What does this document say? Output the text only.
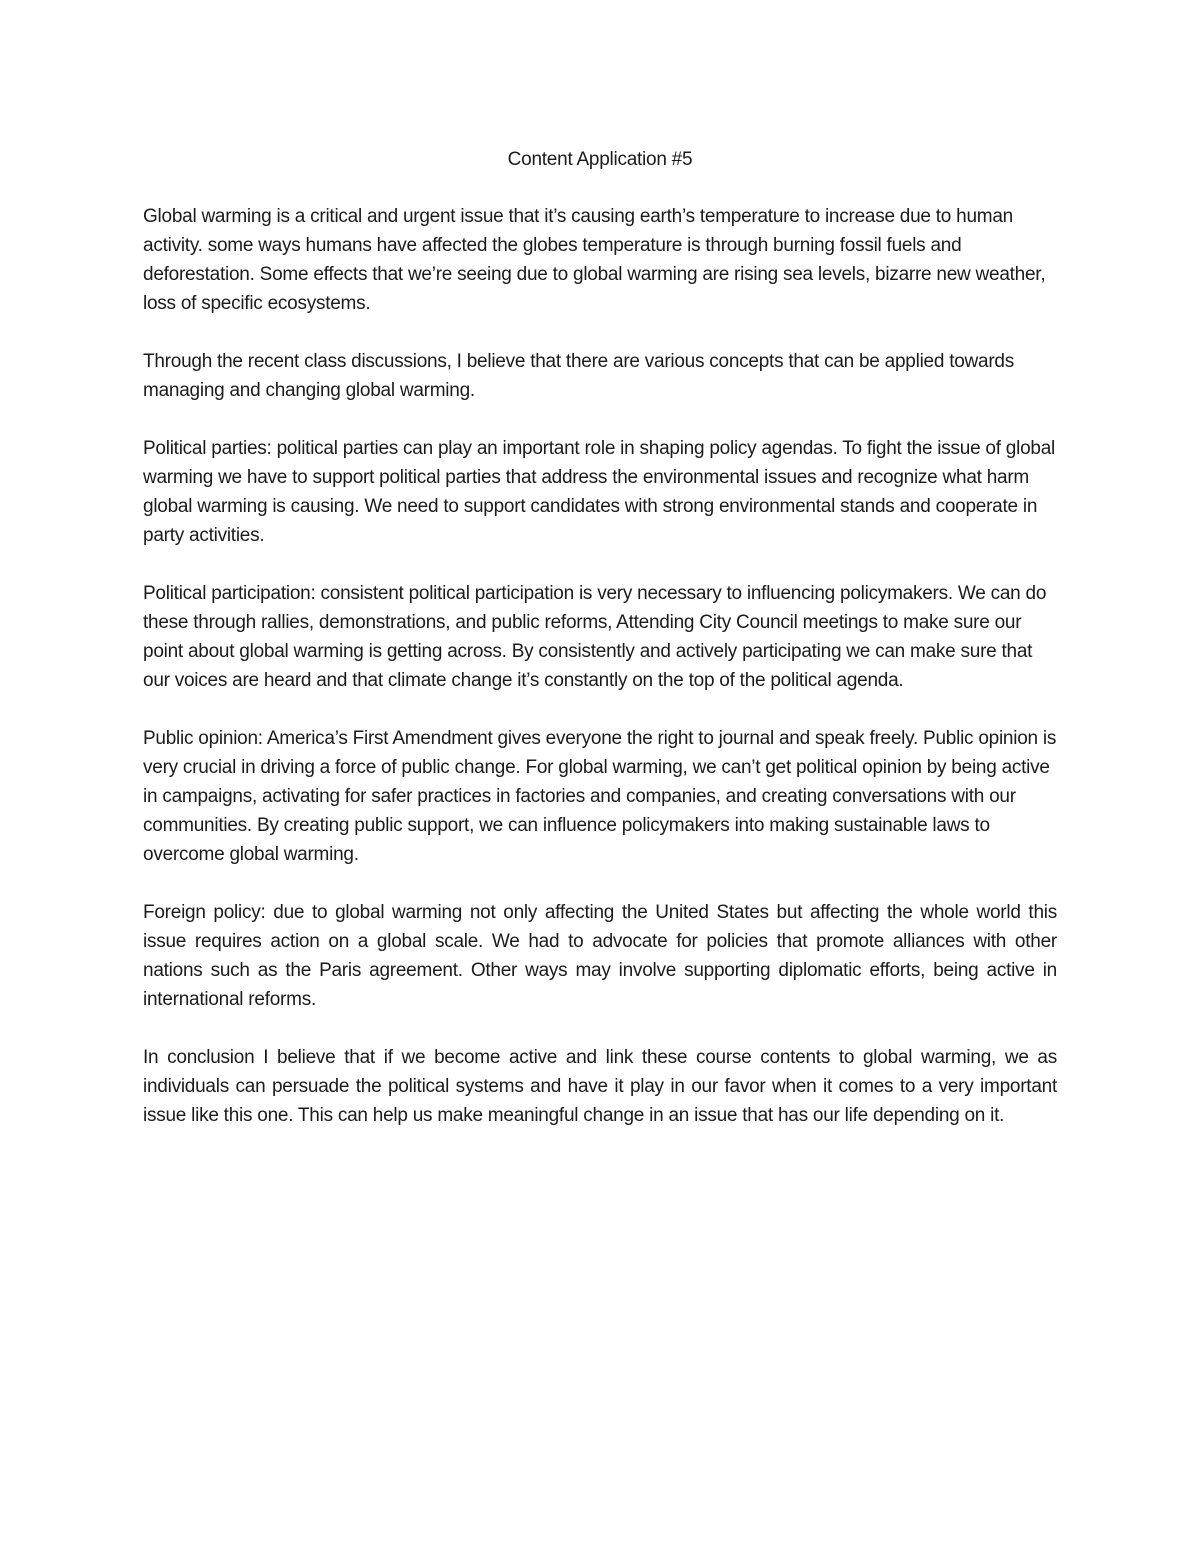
Content Application #5

Global warming is a critical and urgent issue that it’s causing earth’s temperature to increase due to human activity. some ways humans have affected the globes temperature is through burning fossil fuels and deforestation. Some effects that we’re seeing due to global warming are rising sea levels, bizarre new weather, loss of specific ecosystems.

Through the recent class discussions, I believe that there are various concepts that can be applied towards managing and changing global warming.

Political parties: political parties can play an important role in shaping policy agendas. To fight the issue of global warming we have to support political parties that address the environmental issues and recognize what harm global warming is causing. We need to support candidates with strong environmental stands and cooperate in party activities.

Political participation: consistent political participation is very necessary to influencing policymakers. We can do these through rallies, demonstrations, and public reforms, Attending City Council meetings to make sure our point about global warming is getting across. By consistently and actively participating we can make sure that our voices are heard and that climate change it’s constantly on the top of the political agenda.

Public opinion: America’s First Amendment gives everyone the right to journal and speak freely. Public opinion is very crucial in driving a force of public change. For global warming, we can’t get political opinion by being active in campaigns, activating for safer practices in factories and companies, and creating conversations with our communities. By creating public support, we can influence policymakers into making sustainable laws to overcome global warming.

Foreign policy: due to global warming not only affecting the United States but affecting the whole world this issue requires action on a global scale. We had to advocate for policies that promote alliances with other nations such as the Paris agreement. Other ways may involve supporting diplomatic efforts, being active in international reforms.

In conclusion I believe that if we become active and link these course contents to global warming, we as individuals can persuade the political systems and have it play in our favor when it comes to a very important issue like this one. This can help us make meaningful change in an issue that has our life depending on it.
